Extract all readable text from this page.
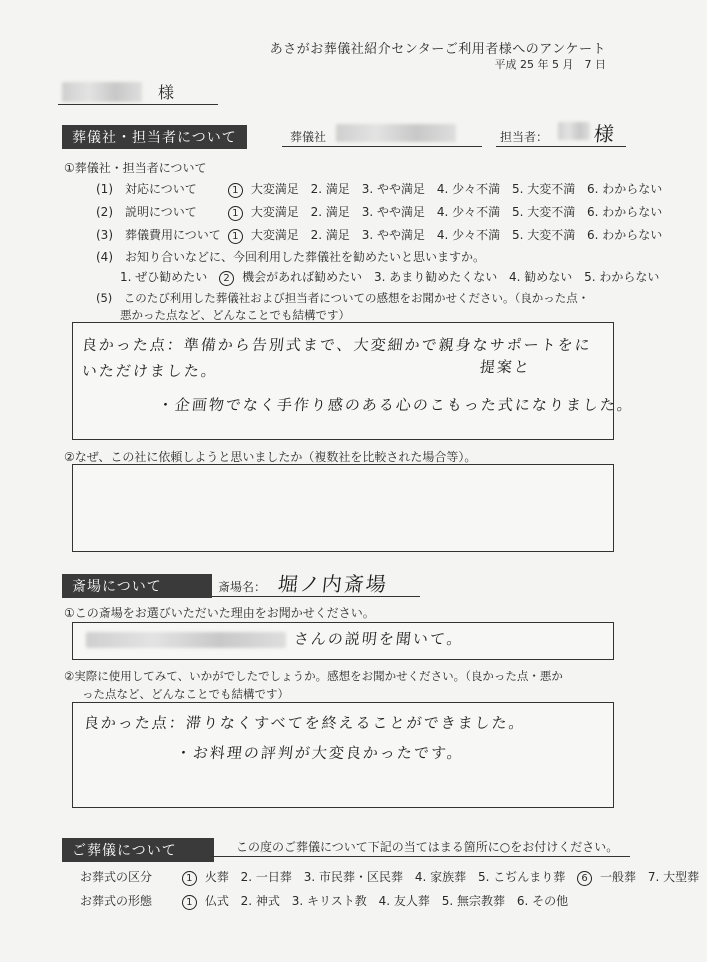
あさがお葬儀社紹介センターご利用者様へのアンケート
平成 25 年 5 月　7 日
様
葬儀社・担当者について	葬儀社	担当者： 様
①葬儀社・担当者について
(1)　対応について	1 大変満足 2. 満足 3. やや満足 4. 少々不満 5. 大変不満 6. わからない
(2)　説明について	1 大変満足 2. 満足 3. やや満足 4. 少々不満 5. 大変不満 6. わからない
(3)　葬儀費用について 1 大変満足 2. 満足 3. やや満足 4. 少々不満 5. 大変不満 6. わからない
(4)　お知り合いなどに、今回利用した葬儀社を勧めたいと思いますか。
1. ぜひ勧めたい 2 機会があれば勧めたい 3. あまり勧めたくない 4. 勧めない 5. わからない
(5)　このたび利用した葬儀社および担当者についての感想をお聞かせください。（良かった点・
悪かった点など、どんなことでも結構です）
良かった点：準備から告別式まで、大変細かで親身なサポートをに
提案と
いただけました。
・企画物でなく手作り感のある心のこもった式になりました。
②なぜ、この社に依頼しようと思いましたか（複数社を比較された場合等）。
斎場について	斎場名： 堀ノ内斎場
①この斎場をお選びいただいた理由をお聞かせください。
さんの説明を聞いて。
②実際に使用してみて、いかがでしたでしょうか。感想をお聞かせください。（良かった点・悪か
った点など、どんなことでも結構です）
良かった点：滞りなくすべてを終えることができました。
・お料理の評判が大変良かったです。
ご葬儀について	この度のご葬儀について下記の当てはまる箇所に○をお付けください。
お葬式の区分	1 火葬 2. 一日葬 3. 市民葬・区民葬 4. 家族葬 5. こぢんまり葬 6 一般葬 7. 大型葬
お葬式の形態	1 仏式 2. 神式 3. キリスト教 4. 友人葬 5. 無宗教葬 6. その他
